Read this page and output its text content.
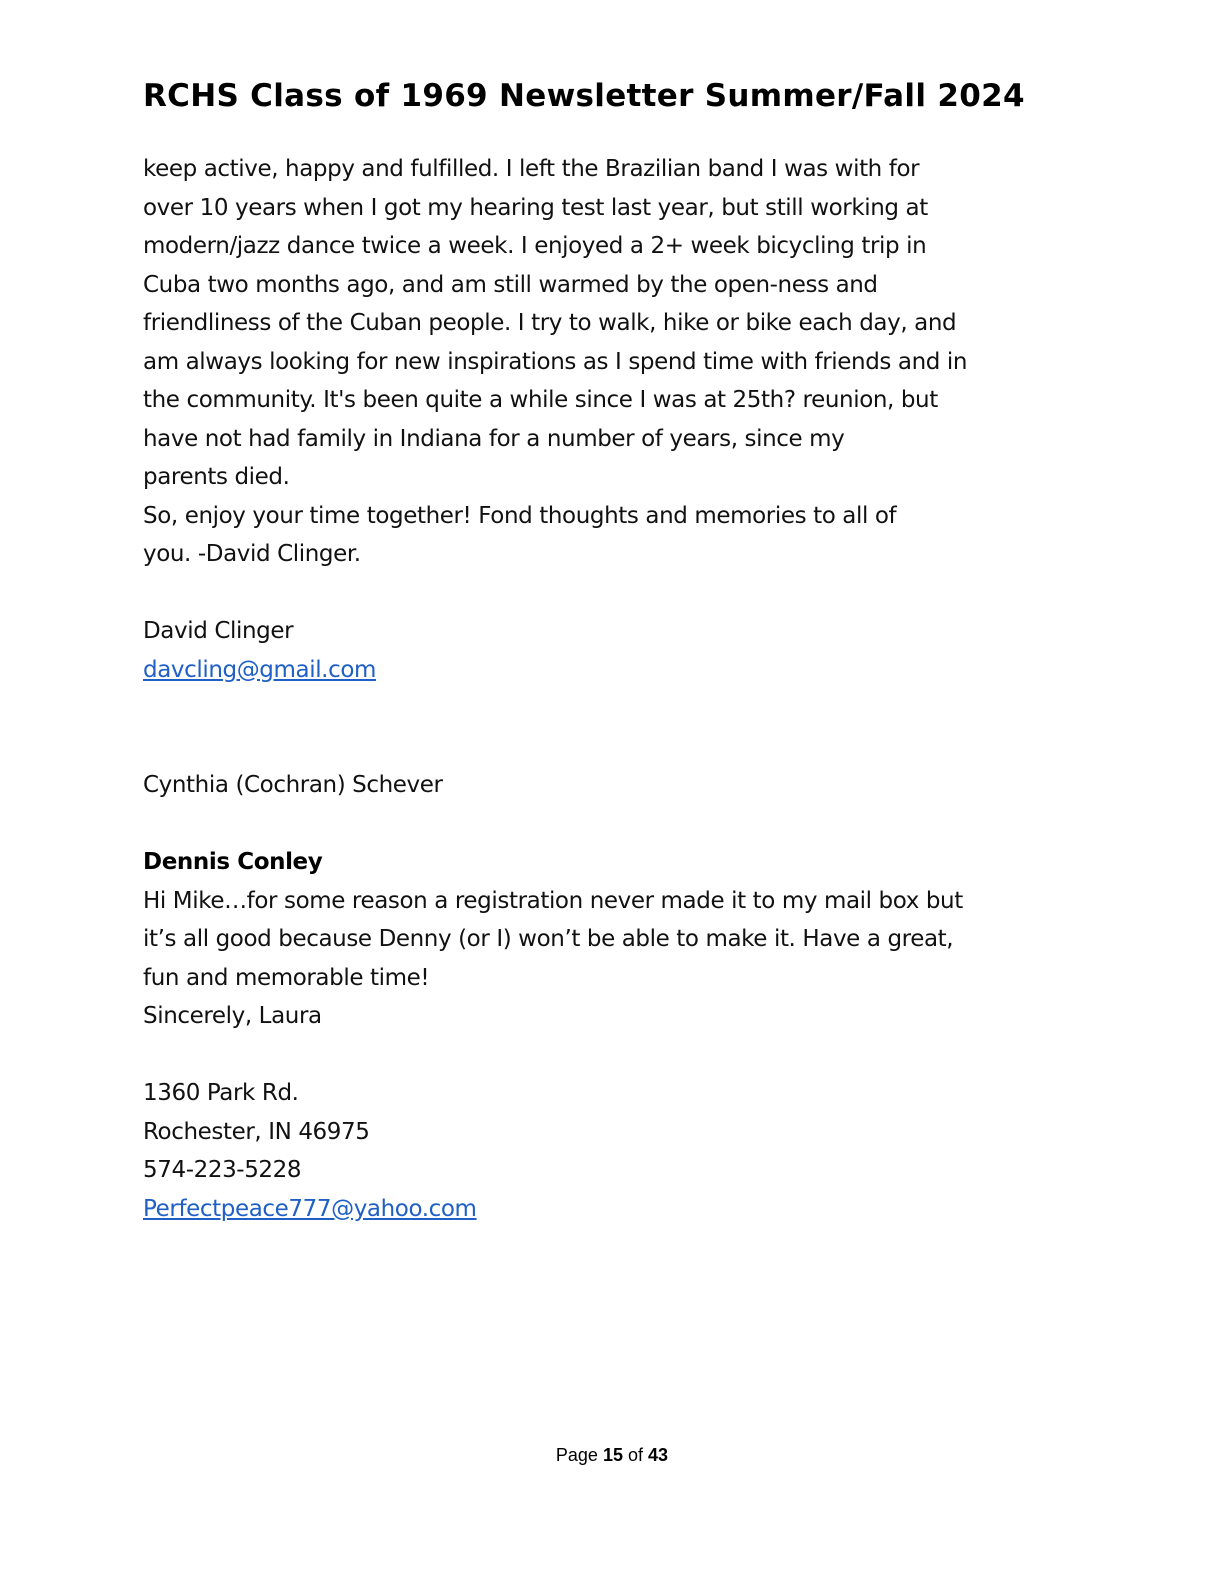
RCHS Class of 1969 Newsletter Summer/Fall 2024
keep active, happy and fulfilled. I left the Brazilian band I was with for
over 10 years when I got my hearing test last year, but still working at
modern/jazz dance twice a week. I enjoyed a 2+ week bicycling trip in
Cuba two months ago, and am still warmed by the open-ness and
friendliness of the Cuban people. I try to walk, hike or bike each day, and
am always looking for new inspirations as I spend time with friends and in
the community. It's been quite a while since I was at 25th? reunion, but
have not had family in Indiana for a number of years, since my
parents died.
So, enjoy your time together! Fond thoughts and memories to all of
you. -David Clinger.
David Clinger
davcling@gmail.com
Cynthia (Cochran) Schever
Dennis Conley
Hi Mike…for some reason a registration never made it to my mail box but
it’s all good because Denny (or I) won’t be able to make it. Have a great,
fun and memorable time!
Sincerely, Laura
1360 Park Rd.
Rochester, IN 46975
574-223-5228
Perfectpeace777@yahoo.com
Page 15 of 43
